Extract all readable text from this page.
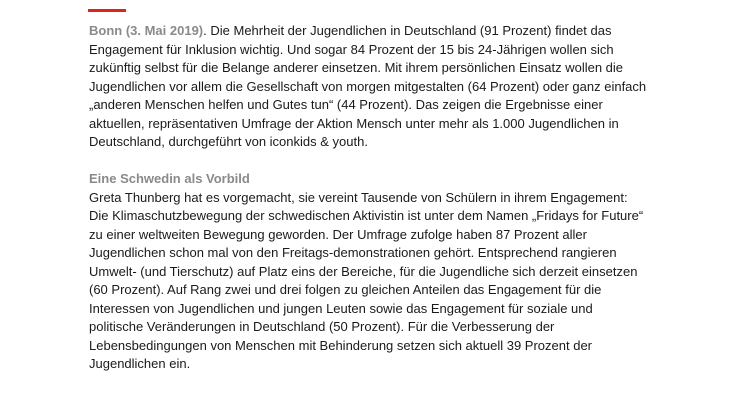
Bonn (3. Mai 2019). Die Mehrheit der Jugendlichen in Deutschland (91 Prozent) findet das Engagement für Inklusion wichtig. Und sogar 84 Prozent der 15 bis 24-Jährigen wollen sich zukünftig selbst für die Belange anderer einsetzen. Mit ihrem persönlichen Einsatz wollen die Jugendlichen vor allem die Gesellschaft von morgen mitgestalten (64 Prozent) oder ganz einfach „anderen Menschen helfen und Gutes tun“ (44 Prozent). Das zeigen die Ergebnisse einer aktuellen, repräsentativen Umfrage der Aktion Mensch unter mehr als 1.000 Jugendlichen in Deutschland, durchgeführt von iconkids & youth.

Eine Schwedin als Vorbild

Greta Thunberg hat es vorgemacht, sie vereint Tausende von Schülern in ihrem Engagement: Die Klimaschutzbewegung der schwedischen Aktivistin ist unter dem Namen „Fridays for Future“ zu einer weltweiten Bewegung geworden. Der Umfrage zufolge haben 87 Prozent aller Jugendlichen schon mal von den Freitags-demonstrationen gehört. Entsprechend rangieren Umwelt- (und Tierschutz) auf Platz eins der Bereiche, für die Jugendliche sich derzeit einsetzen (60 Prozent). Auf Rang zwei und drei folgen zu gleichen Anteilen das Engagement für die Interessen von Jugendlichen und jungen Leuten sowie das Engagement für soziale und politische Veränderungen in Deutschland (50 Prozent). Für die Verbesserung der Lebensbedingungen von Menschen mit Behinderung setzen sich aktuell 39 Prozent der Jugendlichen ein.
